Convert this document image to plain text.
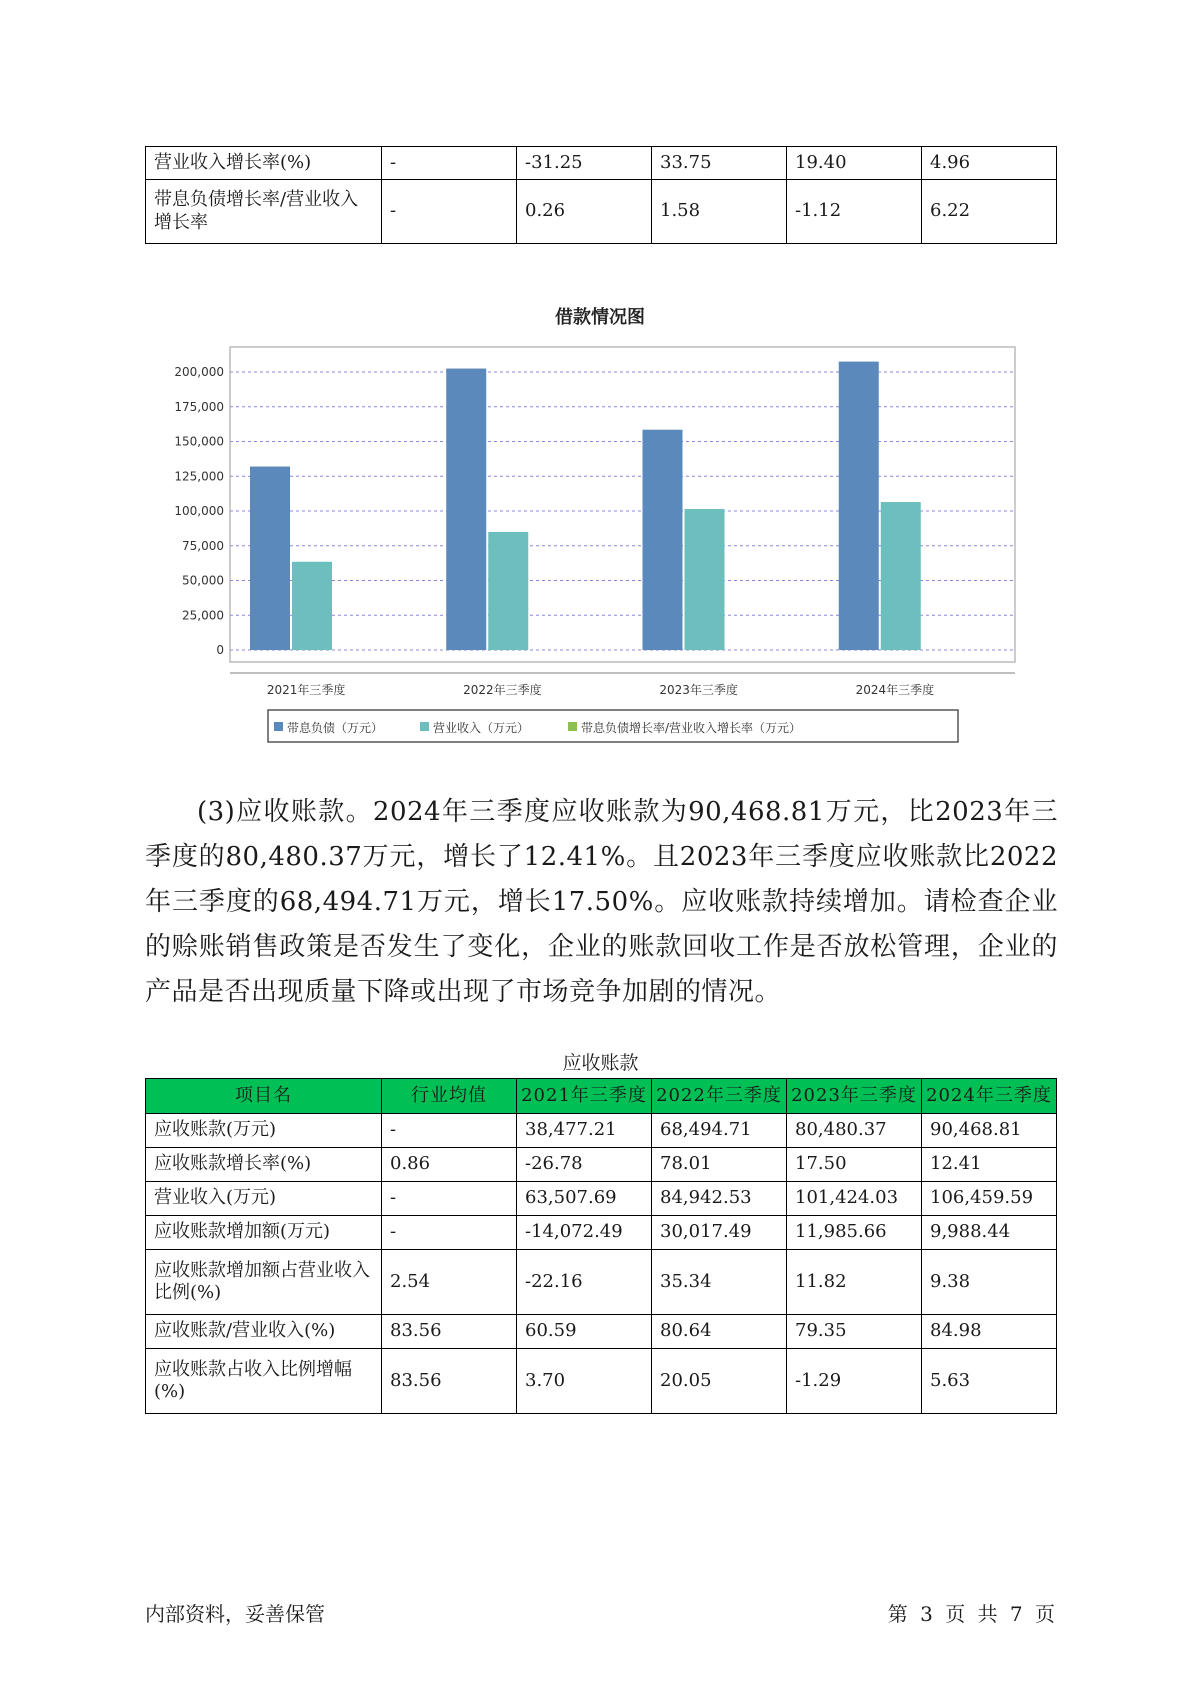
营业收入增长率(%)	-	-31.25	33.75	19.40	4.96
带息负债增长率/营业收入增长率	-	0.26	1.58	-1.12	6.22
借款情况图
0
25,000
50,000
75,000
100,000
125,000
150,000
175,000
200,000
2021年三季度	2022年三季度	2023年三季度	2024年三季度
带息负债（万元）	营业收入（万元）	带息负债增长率/营业收入增长率（万元）

(3)应收账款。2024年三季度应收账款为90,468.81万元，比2023年三季度的80,480.37万元，增长了12.41%。且2023年三季度应收账款比2022年三季度的68,494.71万元，增长17.50%。应收账款持续增加。请检查企业的赊账销售政策是否发生了变化，企业的账款回收工作是否放松管理，企业的产品是否出现质量下降或出现了市场竞争加剧的情况。

应收账款
项目名	行业均值	2021年三季度	2022年三季度	2023年三季度	2024年三季度
应收账款(万元)	-	38,477.21	68,494.71	80,480.37	90,468.81
应收账款增长率(%)	0.86	-26.78	78.01	17.50	12.41
营业收入(万元)	-	63,507.69	84,942.53	101,424.03	106,459.59
应收账款增加额(万元)	-	-14,072.49	30,017.49	11,985.66	9,988.44
应收账款增加额占营业收入比例(%)	2.54	-22.16	35.34	11.82	9.38
应收账款/营业收入(%)	83.56	60.59	80.64	79.35	84.98
应收账款占收入比例增幅(%)	83.56	3.70	20.05	-1.29	5.63
内部资料，妥善保管	第 3 页 共 7 页
